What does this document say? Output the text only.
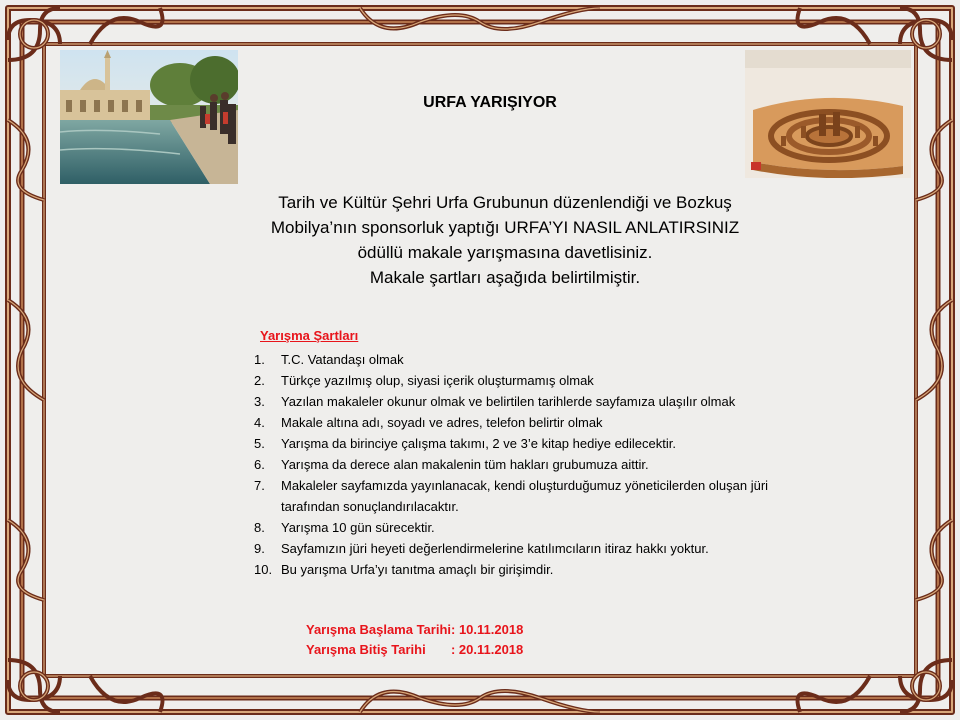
URFA YARIŞIYOR
Tarih ve Kültür Şehri Urfa Grubunun düzenlendiği ve Bozkuş
Mobilya’nın sponsorluk yaptığı URFA’YI NASIL ANLATIRSINIZ
ödüllü makale yarışmasına davetlisiniz.
Makale şartları aşağıda belirtilmiştir.
Yarışma Şartları
1.	T.C. Vatandaşı olmak
2.	Türkçe yazılmış olup, siyasi içerik oluşturmamış olmak
3.	Yazılan makaleler okunur olmak ve belirtilen tarihlerde sayfamıza ulaşılır olmak
4.	Makale altına adı, soyadı ve adres, telefon belirtir olmak
5.	Yarışma da birinciye çalışma takımı, 2 ve 3’e kitap hediye edilecektir.
6.	Yarışma da derece alan makalenin tüm hakları grubumuza aittir.
7.	Makaleler sayfamızda yayınlanacak, kendi oluşturduğumuz yöneticilerden oluşan jüri tarafından sonuçlandırılacaktır.
8.	Yarışma 10 gün sürecektir.
9.	Sayfamızın jüri heyeti değerlendirmelerine katılımcıların itiraz hakkı yoktur.
10. Bu yarışma Urfa’yı tanıtma amaçlı bir girişimdir.
Yarışma Başlama Tarihi: 10.11.2018
Yarışma Bitiş Tarihi       : 20.11.2018
